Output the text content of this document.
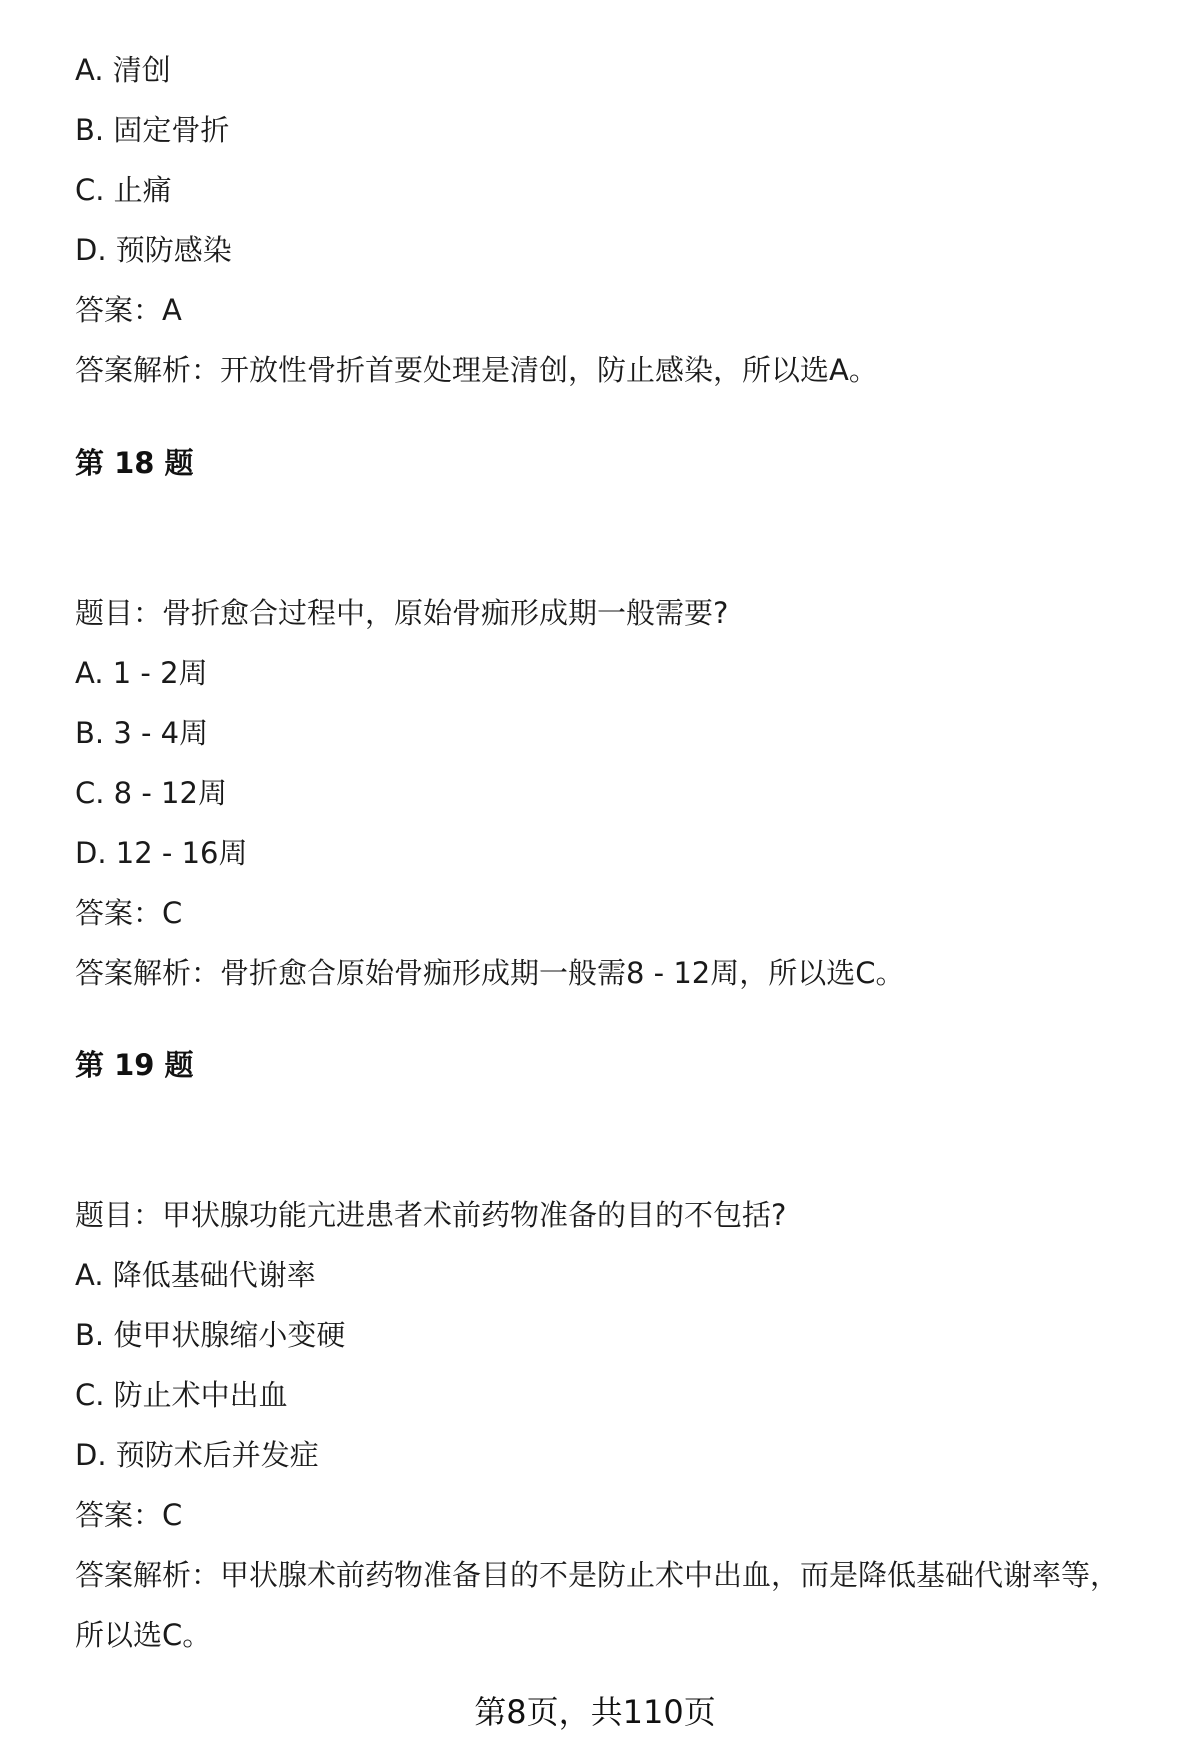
A. 清创
B. 固定骨折
C. 止痛
D. 预防感染
答案：A
答案解析：开放性骨折首要处理是清创，防止感染，所以选A。
第 18 题
题目：骨折愈合过程中，原始骨痂形成期一般需要?
A. 1 - 2周
B. 3 - 4周
C. 8 - 12周
D. 12 - 16周
答案：C
答案解析：骨折愈合原始骨痂形成期一般需8 - 12周，所以选C。
第 19 题
题目：甲状腺功能亢进患者术前药物准备的目的不包括?
A. 降低基础代谢率
B. 使甲状腺缩小变硬
C. 防止术中出血
D. 预防术后并发症
答案：C
答案解析：甲状腺术前药物准备目的不是防止术中出血，而是降低基础代谢率等，
所以选C。
第8页，共110页
